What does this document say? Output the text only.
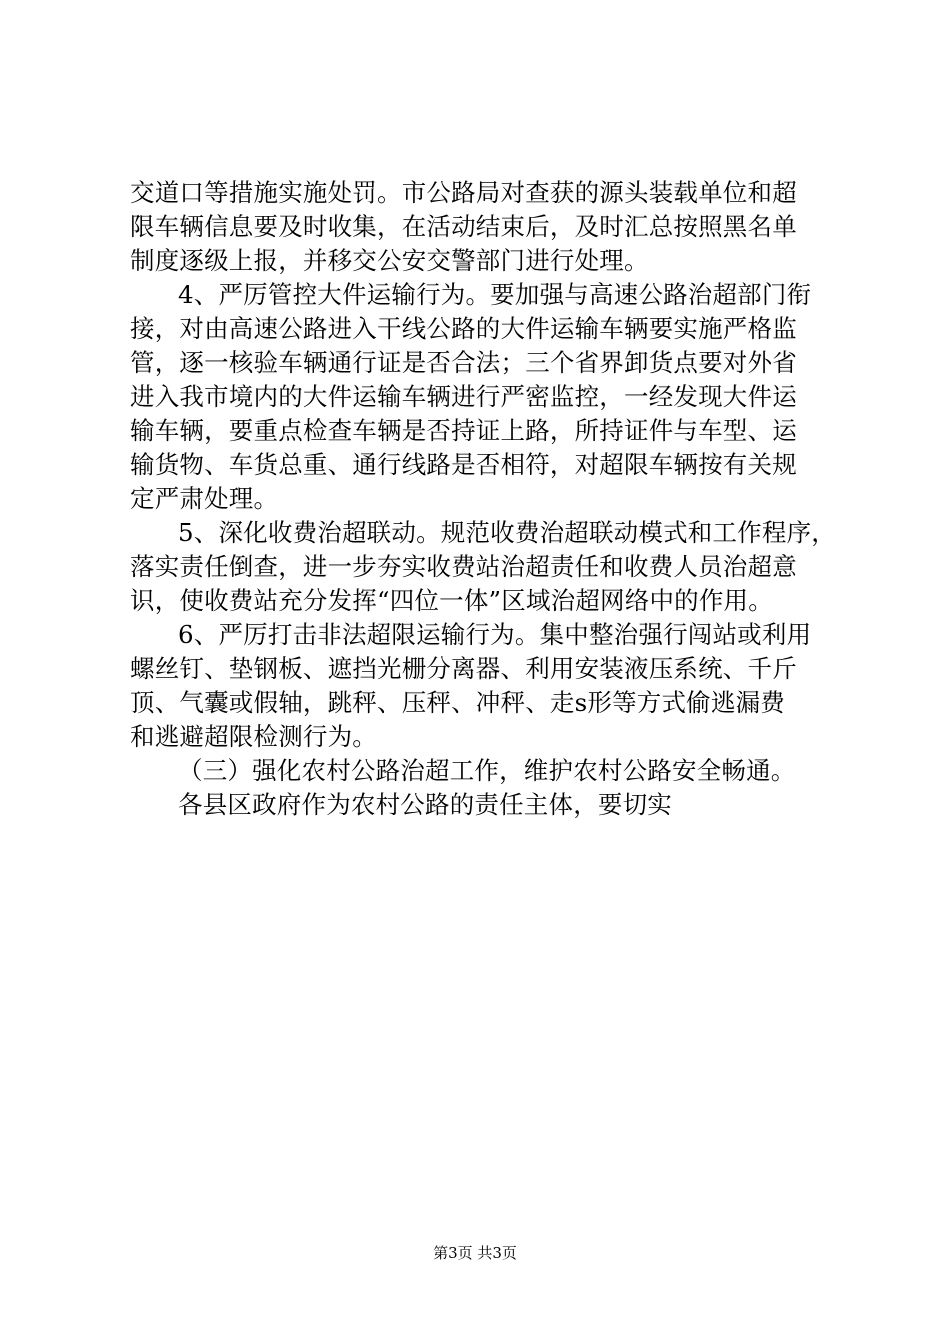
交道口等措施实施处罚。市公路局对查获的源头装载单位和超
限车辆信息要及时收集，在活动结束后，及时汇总按照黑名单
制度逐级上报，并移交公安交警部门进行处理。
4、严厉管控大件运输行为。要加强与高速公路治超部门衔
接，对由高速公路进入干线公路的大件运输车辆要实施严格监
管，逐一核验车辆通行证是否合法；三个省界卸货点要对外省
进入我市境内的大件运输车辆进行严密监控，一经发现大件运
输车辆，要重点检查车辆是否持证上路，所持证件与车型、运
输货物、车货总重、通行线路是否相符，对超限车辆按有关规
定严肃处理。
5、深化收费治超联动。规范收费治超联动模式和工作程序，
落实责任倒查，进一步夯实收费站治超责任和收费人员治超意
识，使收费站充分发挥“四位一体”区域治超网络中的作用。
6、严厉打击非法超限运输行为。集中整治强行闯站或利用
螺丝钉、垫钢板、遮挡光栅分离器、利用安装液压系统、千斤
顶、气囊或假轴，跳秤、压秤、冲秤、走s形等方式偷逃漏费
和逃避超限检测行为。
（三）强化农村公路治超工作，维护农村公路安全畅通。
各县区政府作为农村公路的责任主体，要切实
第3页 共3页
